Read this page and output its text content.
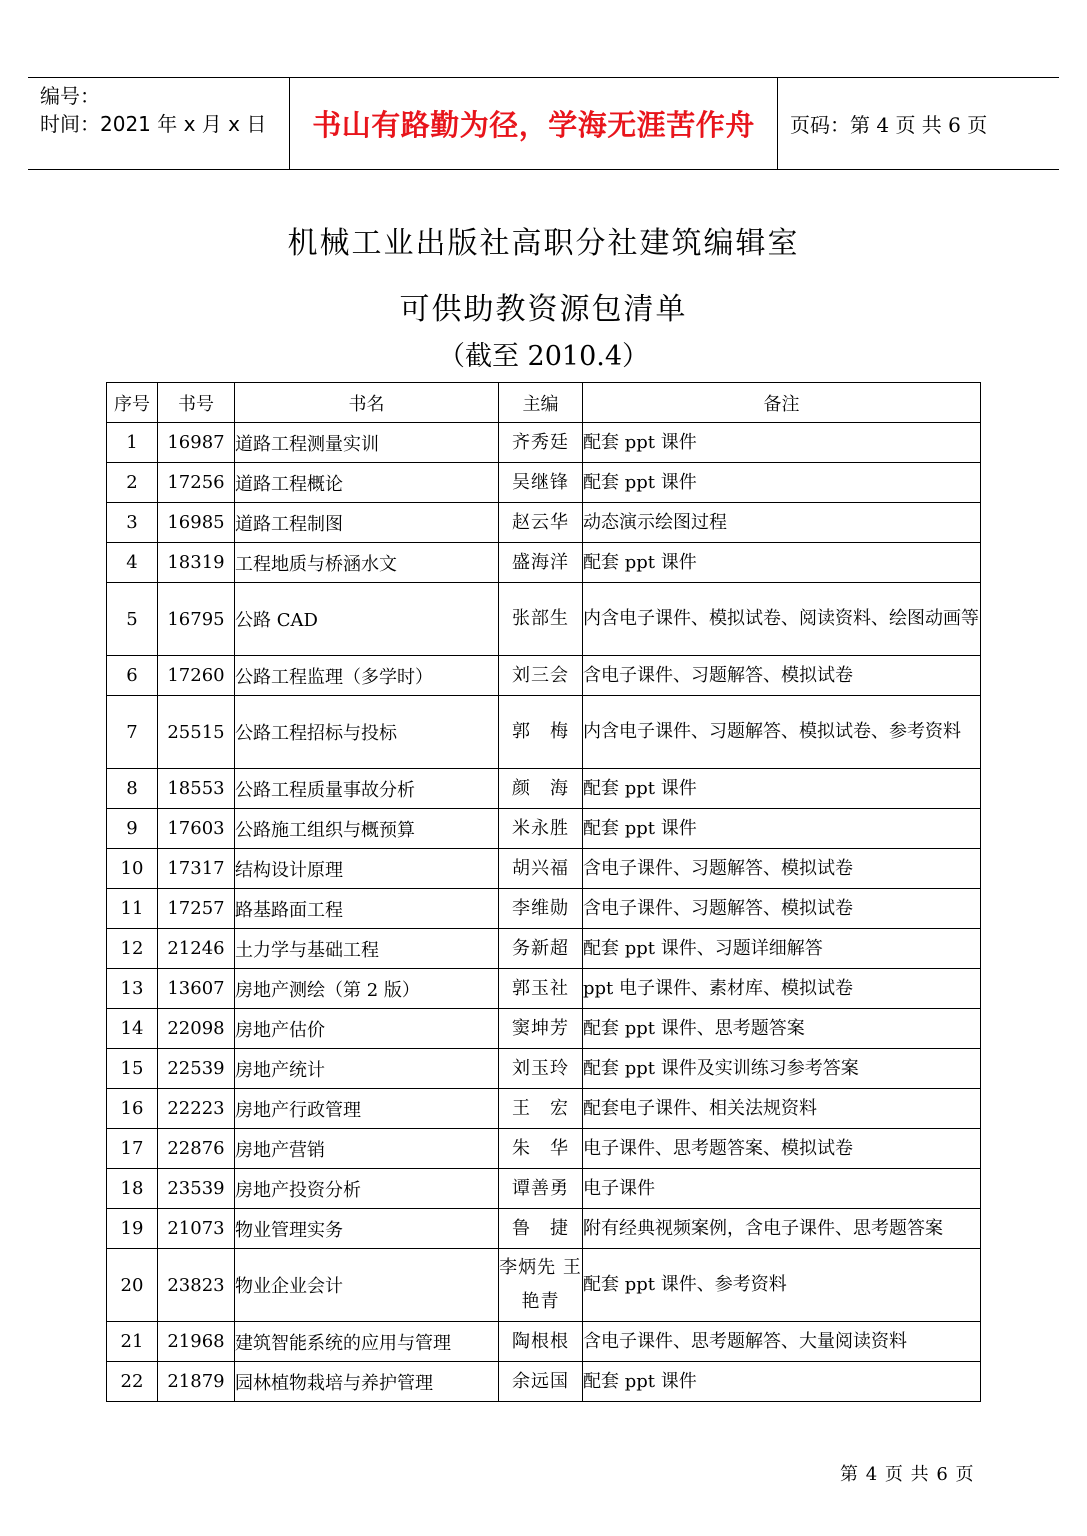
编号：
时间：2021 年 x 月 x 日	书山有路勤为径，学海无涯苦作舟 页码：第 4 页 共 6 页
机械工业出版社高职分社建筑编辑室
可供助教资源包清单
（截至 2010.4）
序号	书号	书名	主编	备注
1	16987	道路工程测量实训	齐秀廷	配套 ppt 课件
2	17256	道路工程概论	吴继锋	配套 ppt 课件
3	16985	道路工程制图	赵云华	动态演示绘图过程
4	18319	工程地质与桥涵水文	盛海洋	配套 ppt 课件
5	16795	公路 CAD	张部生	内含电子课件、模拟试卷、阅读资料、绘图动画等
6	17260	公路工程监理（多学时）	刘三会	含电子课件、习题解答、模拟试卷
7	25515	公路工程招标与投标	郭　梅	内含电子课件、习题解答、模拟试卷、参考资料
8	18553	公路工程质量事故分析	颜　海	配套 ppt 课件
9	17603	公路施工组织与概预算	米永胜	配套 ppt 课件
10	17317	结构设计原理	胡兴福	含电子课件、习题解答、模拟试卷
11	17257	路基路面工程	李维勋	含电子课件、习题解答、模拟试卷
12	21246	土力学与基础工程	务新超	配套 ppt 课件、习题详细解答
13	13607	房地产测绘（第 2 版）	郭玉社	ppt 电子课件、素材库、模拟试卷
14	22098	房地产估价	窦坤芳	配套 ppt 课件、思考题答案
15	22539	房地产统计	刘玉玲	配套 ppt 课件及实训练习参考答案
16	22223	房地产行政管理	王　宏	配套电子课件、相关法规资料
17	22876	房地产营销	朱　华	电子课件、思考题答案、模拟试卷
18	23539	房地产投资分析	谭善勇	电子课件
19	21073	物业管理实务	鲁　捷	附有经典视频案例，含电子课件、思考题答案
20	23823	物业企业会计	李炳先 王艳青	配套 ppt 课件、参考资料
21	21968	建筑智能系统的应用与管理	陶根根	含电子课件、思考题解答、大量阅读资料
22	21879	园林植物栽培与养护管理	余远国	配套 ppt 课件
第 4 页 共 6 页
